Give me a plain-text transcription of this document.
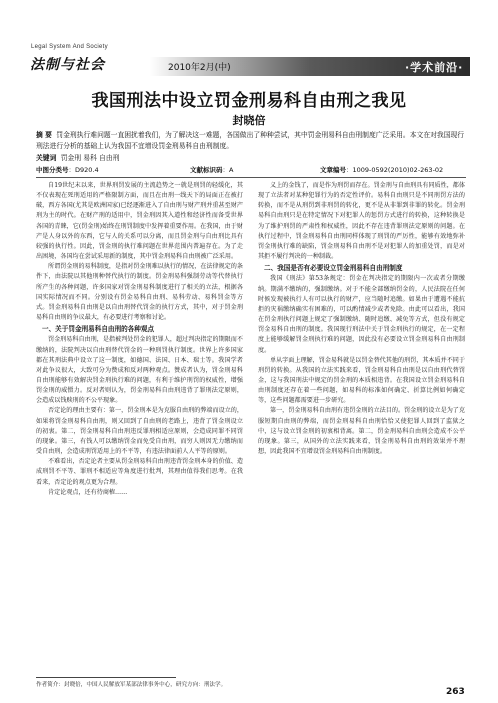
Legal System And Society
法制与社会	2010年2月(中)	·学术前沿·
我国刑法中设立罚金刑易科自由刑之我见
封晓倍
摘 要 罚金刑执行难问题一直困扰着我们，为了解决这一难题，各国做出了种种尝试，其中罚金刑易科自由刑制度广泛采用。本文在对我国现行刑法进行分析的基础上认为我国不宜增设罚金刑易科自由刑制度。
关键词 罚金刑 易科 自由刑
中图分类号：D920.4	文献标识码：A	文章编号：1009-0592(2010)02-263-02

自19世纪末以来，世界刑罚发展的主流趋势之一就是刑罚的轻缓化，其不仅表现在死刑适用的严格限制方面，而且在由刑一线天下的局面正在被打破，西方各国(尤其是欧洲国家)已经逐渐进入了自由刑与财产刑并重甚至财产刑为主的时代。在财产刑的适用中，罚金刑因其入道性和经济性而备受世界各国的青睐，它(罚金刑)始终在刑罚制度中发挥着重要作用。在我国，由于财产是人身以外的东西，它与人的关系可以分离，而且罚金刑与自由刑比具有较强的执行性。因此，罚金刑的执行难问题在世界范围内普遍存在。为了走出困境，各国均在尝试采用新的制度，其中罚金刑易科自由刑被广泛采用。

所谓罚金刑的易科制度，是指对罚金刑难以执行的情况，在法律规定的条件下，由法院以其他刑种替代执行的制度。罚金刑易科强制劳动等代替执行所产生的各种问题，许多国家对罚金刑易科制度进行了相关的立法，根据各国实际情况而不同。分别设有罚金易科自由刑、易科劳动、易科罚金等方式。罚金刑易科自由刑是以自由刑替代罚金的执行方式，其中，对于罚金刑易科自由刑的争议最大，有必要进行考察和讨论。

一、关于罚金刑易科自由刑的各种观点

罚金刑易科自由刑，是指被判处罚金的犯罪人，超过判决指定的期限而不缴纳的，法院判决以自由刑替代罚金的一种刑罚执行制度。世界上许多国家都在其刑法典中设立了这一制度，如德国、法国、日本、瑞士等。我国学者对此争议很大，大致可分为赞成和反对两种观点。赞成者认为，罚金刑易科自由刑能够有效解决罚金刑执行难的问题，有利于维护刑罚的权威性，增强罚金刑的威慑力。反对者则认为，罚金刑易科自由刑违背了罪刑法定原则，会造成以钱赎刑的不公平现象。

否定论的理由主要有：第一，罚金刑本是为克服自由刑的弊端而设立的，如果将罚金刑易科自由刑，则又回到了自由刑的老路上，违背了罚金刑设立的初衷。第二，罚金刑易科自由刑违反罪刑相适应原则，会造成同罪不同罚的现象。第三，有钱人可以缴纳罚金而免受自由刑，而穷人则因无力缴纳而受自由刑，会造成刑罚适用上的不平等，有违法律面前人人平等的原则。

不难看出，否定论者主要从罚金刑易科自由刑违背罚金刑本身的价值、造成刑罚不平等、罪刑不相适应等角度进行批判，其理由值得我们思考。在我看来，否定论的观点更为合理。

肯定论观点，还有待商榷……

义上的金钱了，而是作为刑罚而存在。罚金刑与自由刑具有同质性，都体现了立法者对某种犯罪行为的否定性评价。易科自由刑只是不同刑罚方法的转换，而不是从刑罚到非刑罚的转化，更不是从非罪到非罪的转化。罚金刑易科自由刑只是在特定情况下对犯罪人的惩罚方式进行的转换，这种转换是为了维护刑罚的严肃性和权威性，因此不存在违背罪刑法定原则的问题。在执行过程中，罚金刑易科自由刑同样体现了刑罚的严厉性，能够有效地弥补罚金刑执行难的缺陷，罚金刑易科自由刑不是对犯罪人的加重处罚，而是对其拒不履行判决的一种制裁。

二、我国是否有必要设立罚金刑易科自由刑制度

我国《刑法》第53条规定：罚金在判决指定的期限内一次或者分期缴纳。期满不缴纳的，强制缴纳。对于不能全部缴纳罚金的，人民法院在任何时候发现被执行人有可以执行的财产，应当随时追缴。如果由于遭遇不能抗拒的灾祸缴纳确实有困难的，可以酌情减少或者免除。由此可以看出，我国在罚金刑执行问题上规定了强制缴纳、随时追缴、减免等方式，但没有规定罚金易科自由刑的制度。我国现行刑法中关于罚金刑执行的规定，在一定程度上能够缓解罚金刑执行难的问题，因此没有必要设立罚金刑易科自由刑制度。

单从字面上理解，罚金易科就是以罚金替代其他的刑罚，其本质并不同于刑罚的转换。从我国的立法实践来看，罚金刑易科自由刑是以自由刑代替罚金，这与我国刑法中规定的罚金刑的本质相违背。在我国设立罚金刑易科自由刑制度还存在着一些问题，如易科的标准如何确定、折算比例如何确定等，这些问题都需要进一步研究。

第一，罚金刑易科自由刑有违罚金刑的立法目的。罚金刑的设立是为了克服短期自由刑的弊端，而罚金刑易科自由刑恰恰又使犯罪人回到了监狱之中，这与设立罚金刑的初衷相背离。第二，罚金刑易科自由刑会造成不公平的现象。第三，从国外的立法实践来看，罚金刑易科自由刑的效果并不理想，因此我国不宜增设罚金刑易科自由刑制度。

作者简介：封晓倍，中国人民解放军某部法律事务中心，研究方向：刑法学。
263
